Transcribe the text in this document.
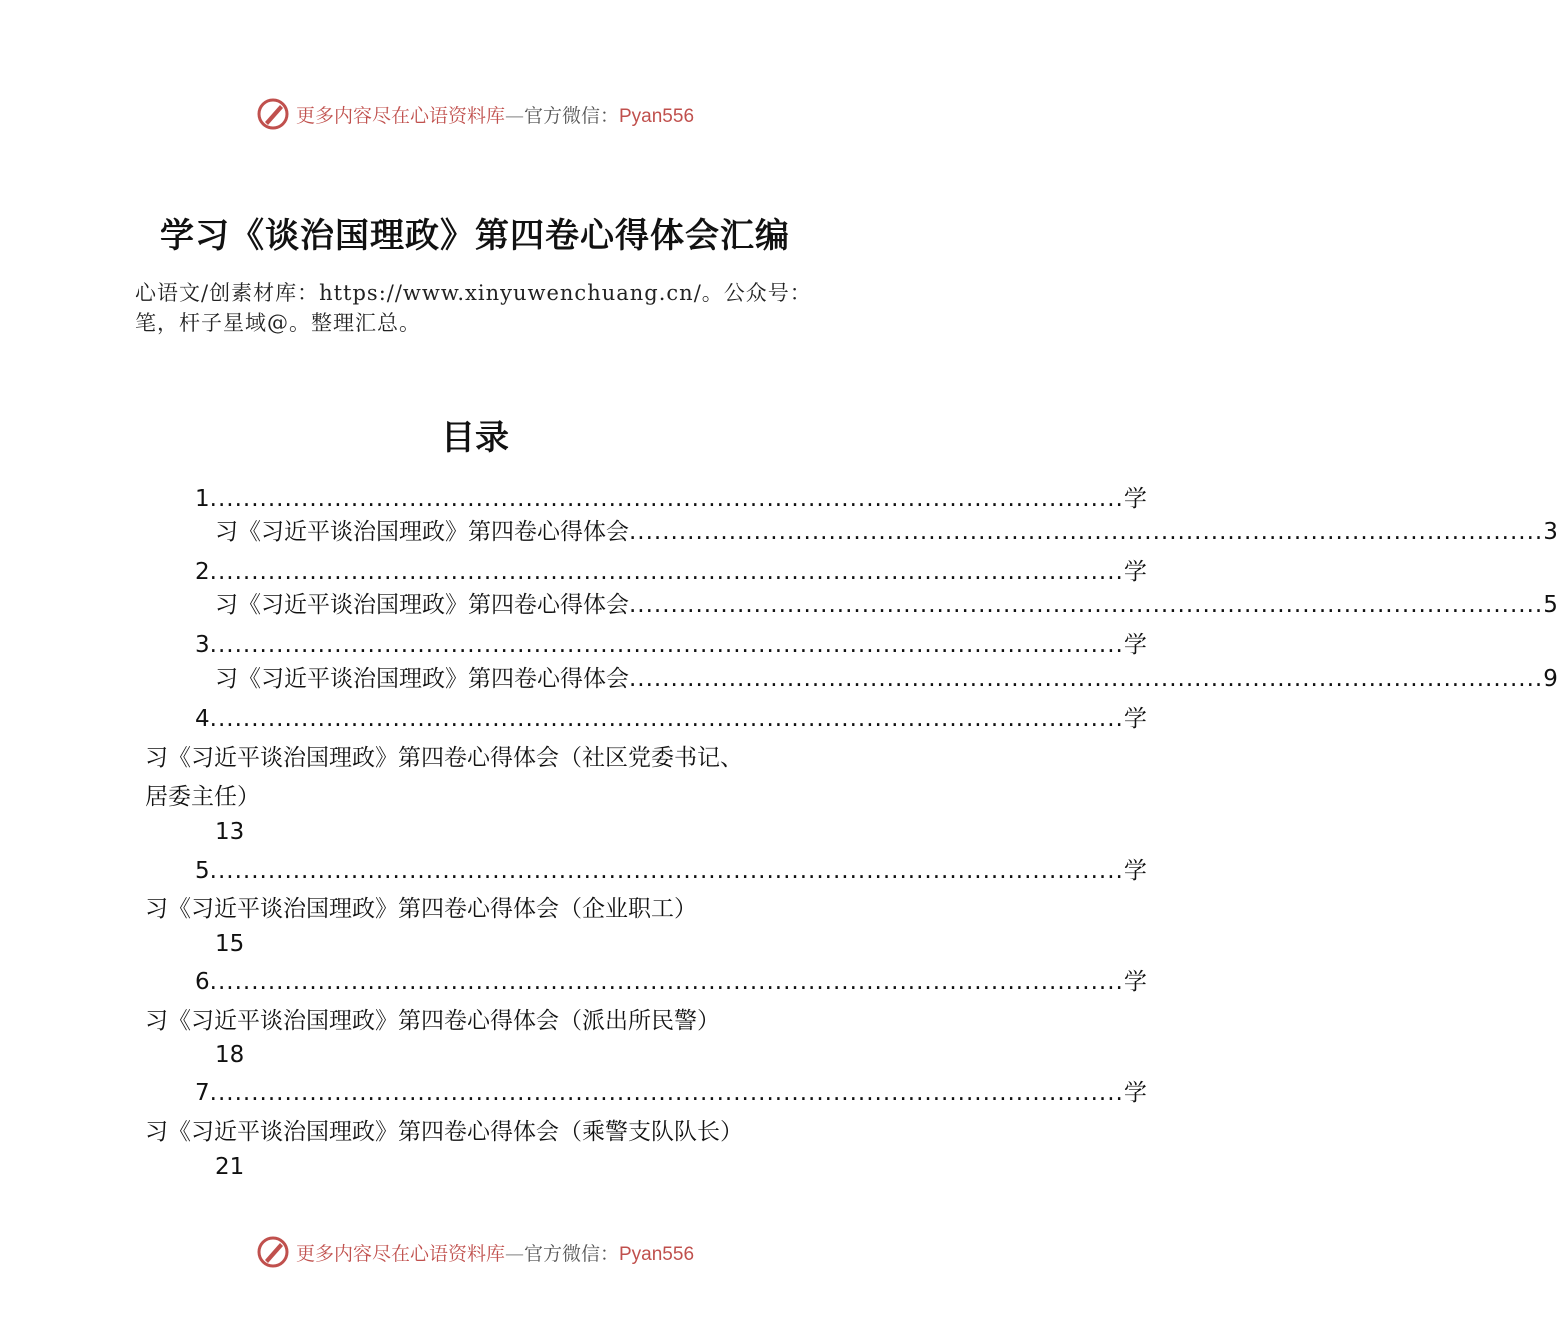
更多内容尽在心语资料库—官方微信：Pyan556
学习《谈治国理政》第四卷心得体会汇编
心语文/创素材库：https://www.xinyuwenchuang.cn/。公众号：
笔，杆子星域@。整理汇总。
目录
1 .............................................................................................................. 学
习《习近平谈治国理政》第四卷心得体会 .............................................................................................................. 3
2 .............................................................................................................. 学
习《习近平谈治国理政》第四卷心得体会 .............................................................................................................. 5
3 .............................................................................................................. 学
习《习近平谈治国理政》第四卷心得体会 .............................................................................................................. 9
4 .............................................................................................................. 学
习《习近平谈治国理政》第四卷心得体会（社区党委书记、
居委主任）
13
5 .............................................................................................................. 学
习《习近平谈治国理政》第四卷心得体会（企业职工）
15
6 .............................................................................................................. 学
习《习近平谈治国理政》第四卷心得体会（派出所民警）
18
7 .............................................................................................................. 学
习《习近平谈治国理政》第四卷心得体会（乘警支队队长）
21
更多内容尽在心语资料库—官方微信：Pyan556
